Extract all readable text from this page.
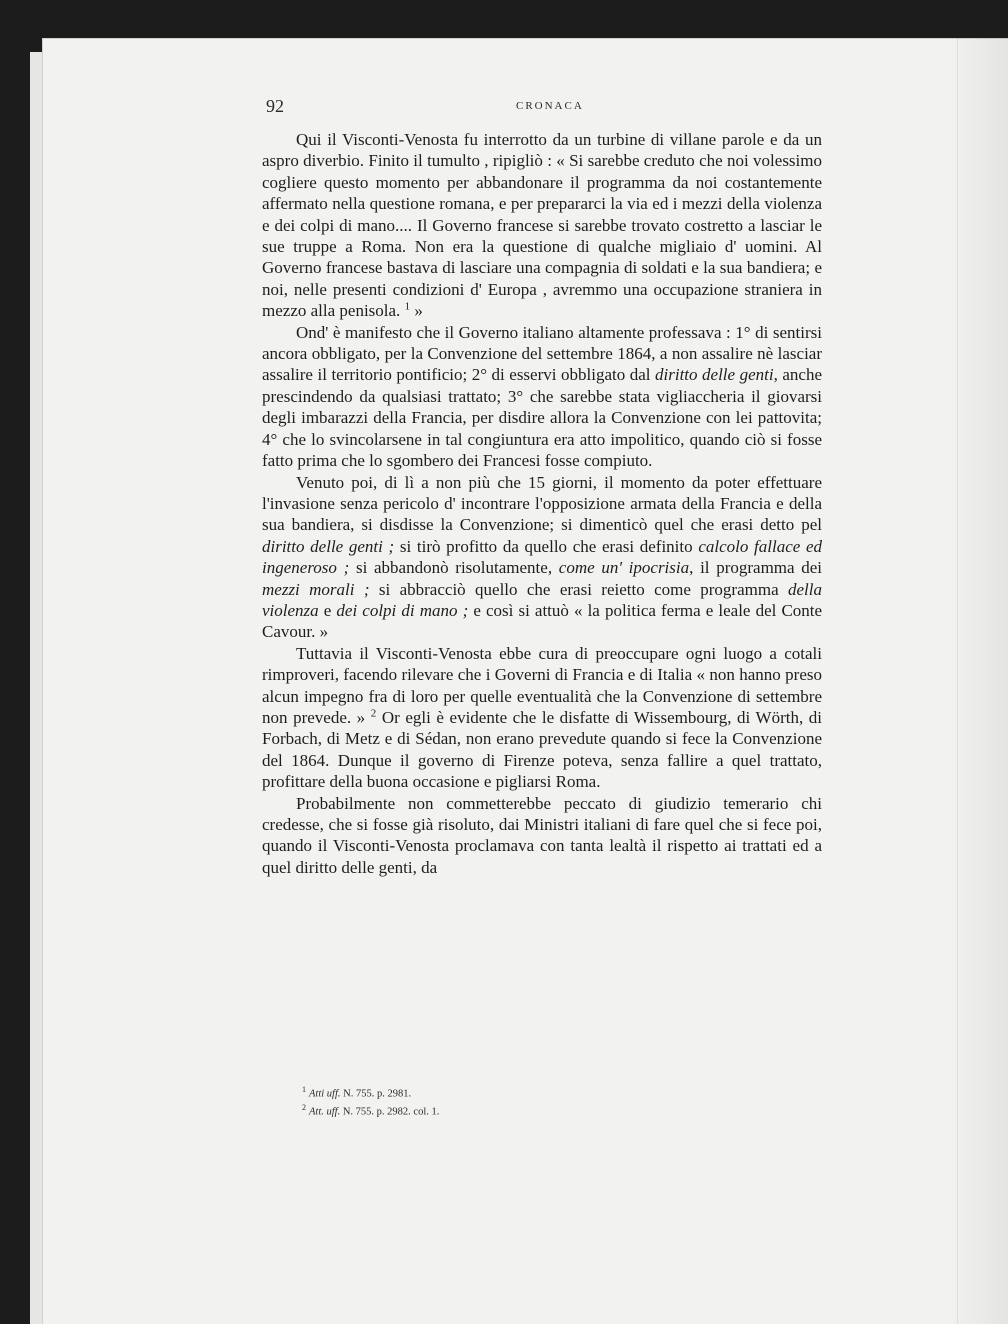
92	CRONACA

Qui il Visconti-Venosta fu interrotto da un turbine di villane parole e da un aspro diverbio. Finito il tumulto , ripigliò : « Si sarebbe creduto che noi volessimo cogliere questo momento per abbandonare il programma da noi costantemente affermato nella questione romana, e per prepararci la via ed i mezzi della violenza e dei colpi di mano.... Il Governo francese si sarebbe trovato costretto a lasciar le sue truppe a Roma. Non era la questione di qualche migliaio d' uomini. Al Governo francese bastava di lasciare una compagnia di soldati e la sua bandiera; e noi, nelle presenti condizioni d' Europa , avremmo una occupazione straniera in mezzo alla penisola. $^1$ »

Ond' è manifesto che il Governo italiano altamente professava : 1° di sentirsi ancora obbligato, per la Convenzione del settembre 1864, a non assalire nè lasciar assalire il territorio pontificio; 2° di esservi obbligato dal diritto delle genti, anche prescindendo da qualsiasi trattato; 3° che sarebbe stata vigliaccheria il giovarsi degli imbarazzi della Francia, per disdire allora la Convenzione con lei pattovita; 4° che lo svincolarsene in tal congiuntura era atto impolitico, quando ciò si fosse fatto prima che lo sgombero dei Francesi fosse compiuto.

Venuto poi, di lì a non più che 15 giorni, il momento da poter effettuare l'invasione senza pericolo d' incontrare l'opposizione armata della Francia e della sua bandiera, si disdisse la Convenzione; si dimenticò quel che erasi detto pel diritto delle genti ; si tirò profitto da quello che erasi definito calcolo fallace ed ingeneroso ; si abbandonò risolutamente, come un' ipocrisia, il programma dei mezzi morali ; si abbracciò quello che erasi reietto come programma della violenza e dei colpi di mano ; e così si attuò « la politica ferma e leale del Conte Cavour. »

Tuttavia il Visconti-Venosta ebbe cura di preoccupare ogni luogo a cotali rimproveri, facendo rilevare che i Governi di Francia e di Italia « non hanno preso alcun impegno fra di loro per quelle eventualità che la Convenzione di settembre non prevede. » $^2$ Or egli è evidente che le disfatte di Wissembourg, di Wörth, di Forbach, di Metz e di Sédan, non erano prevedute quando si fece la Convenzione del 1864. Dunque il governo di Firenze poteva, senza fallire a quel trattato, profittare della buona occasione e pigliarsi Roma.

Probabilmente non commetterebbe peccato di giudizio temerario chi credesse, che si fosse già risoluto, dai Ministri italiani di fare quel che si fece poi, quando il Visconti-Venosta proclamava con tanta lealtà il rispetto ai trattati ed a quel diritto delle genti, da

$^1$ Atti uff. N. 755. p. 2981.
$^2$ Att. uff. N. 755. p. 2982. col. 1.
